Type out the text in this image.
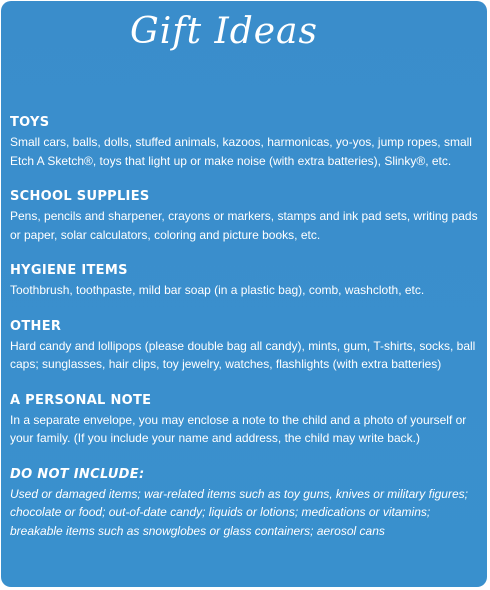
Gift Ideas
TOYS
Small cars, balls, dolls, stuffed animals, kazoos, harmonicas, yo-yos, jump ropes, small Etch A Sketch®, toys that light up or make noise (with extra batteries), Slinky®, etc.
SCHOOL SUPPLIES
Pens, pencils and sharpener, crayons or markers, stamps and ink pad sets, writing pads or paper, solar calculators, coloring and picture books, etc.
HYGIENE ITEMS
Toothbrush, toothpaste, mild bar soap (in a plastic bag), comb, washcloth, etc.
OTHER
Hard candy and lollipops (please double bag all candy), mints, gum, T-shirts, socks, ball caps; sunglasses, hair clips, toy jewelry, watches, flashlights (with extra batteries)
A PERSONAL NOTE
In a separate envelope, you may enclose a note to the child and a photo of yourself or your family. (If you include your name and address, the child may write back.)
DO NOT INCLUDE:
Used or damaged items; war-related items such as toy guns, knives or military figures; chocolate or food; out-of-date candy; liquids or lotions; medications or vitamins; breakable items such as snowglobes or glass containers; aerosol cans
